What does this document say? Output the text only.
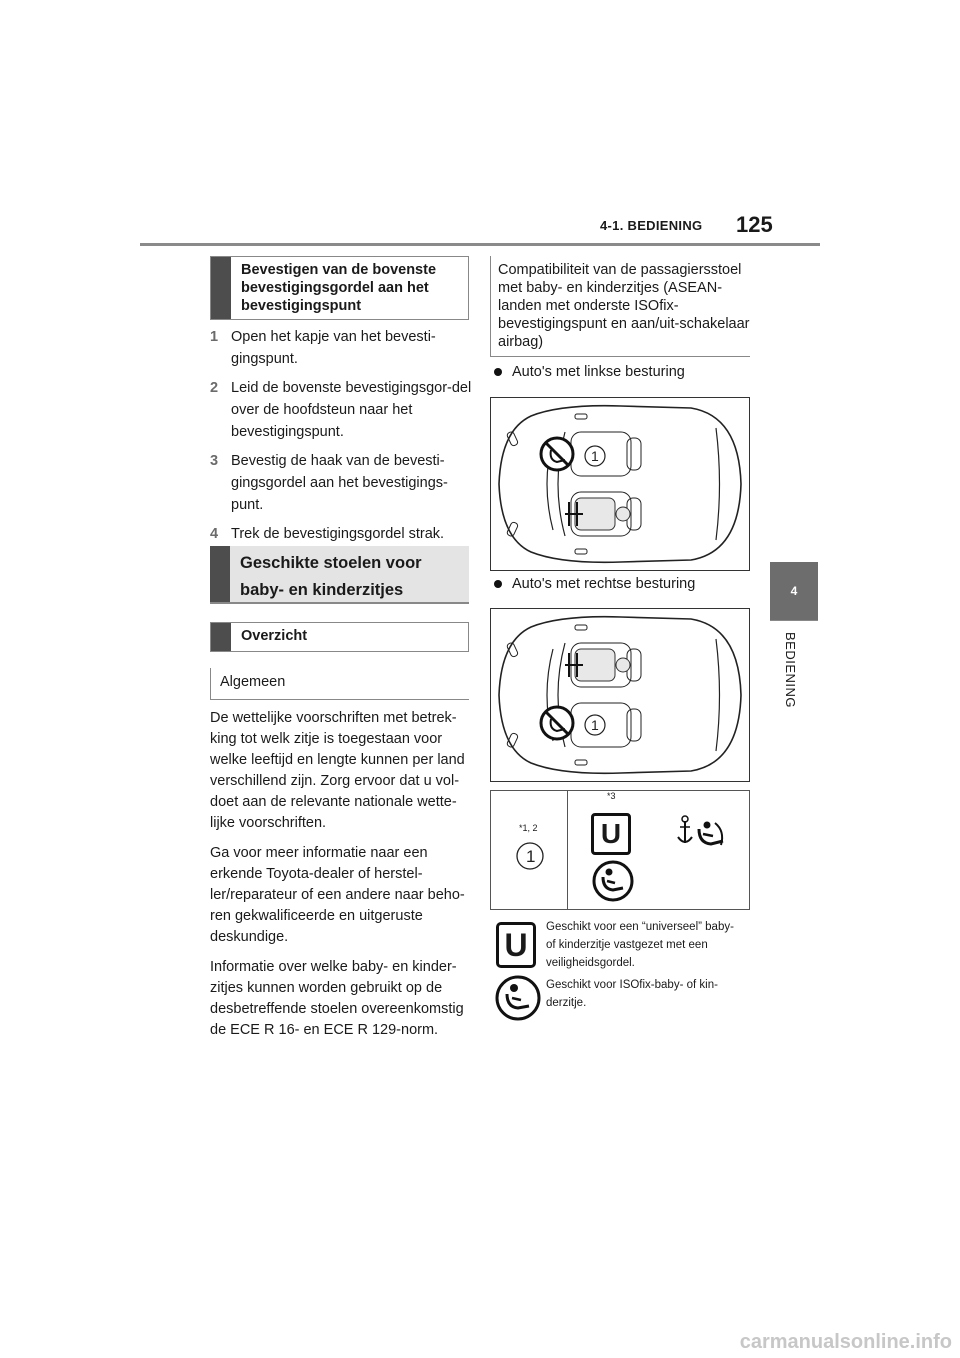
4-1. BEDIENING 125
4
BEDIENING
Bevestigen van de bovenste bevestigingsgordel aan het bevestigingspunt
1 Open het kapje van het bevesti-gingspunt.
2 Leid de bovenste bevestigingsgor-del over de hoofdsteun naar het bevestigingspunt.
3 Bevestig de haak van de bevesti-gingsgordel aan het bevestigings-punt.
4 Trek de bevestigingsgordel strak.
Geschikte stoelen voor baby- en kinderzitjes
Overzicht
Algemeen

De wettelijke voorschriften met betrek-king tot welk zitje is toegestaan voor welke leeftijd en lengte kunnen per land verschillend zijn. Zorg ervoor dat u vol-doet aan de relevante nationale wette-lijke voorschriften.

Ga voor meer informatie naar een erkende Toyota-dealer of herstel-ler/reparateur of een andere naar beho-ren gekwalificeerde en uitgeruste deskundige.

Informatie over welke baby- en kinder-zitjes kunnen worden gebruikt op de desbetreffende stoelen overeenkomstig de ECE R 16- en ECE R 129-norm.

Compatibiliteit van de passagiersstoel met baby- en kinderzitjes (ASEAN-landen met onderste ISOfix-bevestigingspunt en aan/uit-schakelaar airbag)
Auto's met linkse besturing
1
Auto's met rechtse besturing
1
*1, 2
1
*3
U
U	Geschikt voor een “universeel” baby- of kinderzitje vastgezet met een veiligheidsgordel.
Geschikt voor ISOfix-baby- of kin-derzitje.
carmanualsonline.info
